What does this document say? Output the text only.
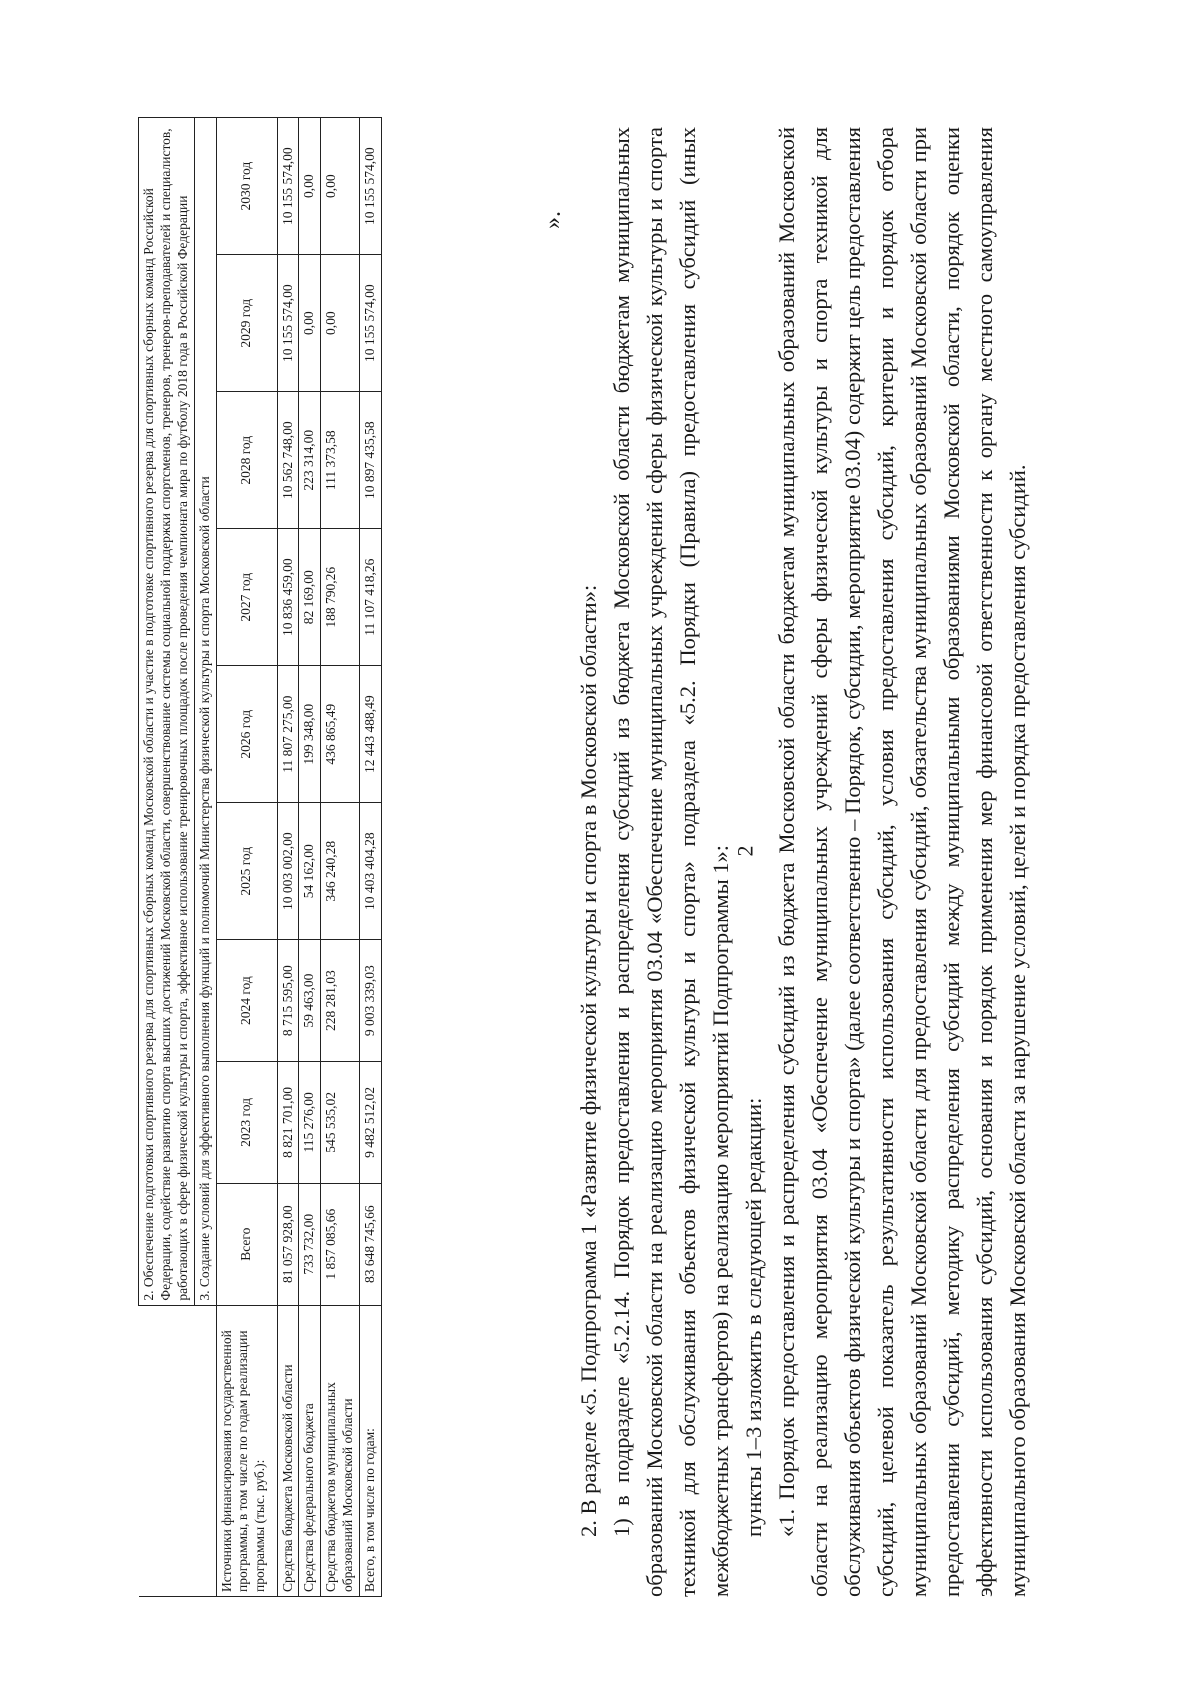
2
	2. Обеспечение подготовки спортивного резерва для спортивных сборных команд Московской области и участие в подготовке спортивного резерва для спортивных сборных команд Российской Федерации, содействие развитию спорта высших достижений Московской области, совершенствование системы социальной поддержки спортсменов, тренеров, тренеров-преподавателей и специалистов, работающих в сфере физической культуры и спорта, эффективное использование тренировочных площадок после проведения чемпионата мира по футболу 2018 года в Российской Федерации								
	3. Создание условий для эффективного выполнения функций и полномочий Министерства физической культуры и спорта Московской области								
Источники финансирования государственной программы, в том числе по годам реализации программы (тыс. руб.):	Всего	2023 год	2024 год	2025 год	2026 год	2027 год	2028 год	2029 год	2030 год
Средства бюджета Московской области	81 057 928,00	8 821 701,00	8 715 595,00	10 003 002,00	11 807 275,00	10 836 459,00	10 562 748,00	10 155 574,00	10 155 574,00
Средства федерального бюджета	733 732,00	115 276,00	59 463,00	54 162,00	199 348,00	82 169,00	223 314,00	0,00	0,00
Средства бюджетов муниципальных образований Московской области	1 857 085,66	545 535,02	228 281,03	346 240,28	436 865,49	188 790,26	111 373,58	0,00	0,00
Всего, в том числе по годам:	83 648 745,66	9 482 512,02	9 003 339,03	10 403 404,28	12 443 488,49	11 107 418,26	10 897 435,58	10 155 574,00	10 155 574,00	».

2. В разделе «5. Подпрограмма 1 «Развитие физической культуры и спорта в Московской области»: 1) в подразделе «5.2.14. Порядок предоставления и распределения субсидий из бюджета Московской области бюджетам муниципальных образований Московской области на реализацию мероприятия 03.04 «Обеспечение муниципальных учреждений сферы физической культуры и спорта техникой для обслуживания объектов физической культуры и спорта» подраздела «5.2. Порядки (Правила) предоставления субсидий (иных межбюджетных трансфертов) на реализацию мероприятий Подпрограммы 1»: пункты 1–3 изложить в следующей редакции: «1. Порядок предоставления и распределения субсидий из бюджета Московской области бюджетам муниципальных образований Московской области на реализацию мероприятия 03.04 «Обеспечение муниципальных учреждений сферы физической культуры и спорта техникой для обслуживания объектов физической культуры и спорта» (далее соответственно – Порядок, субсидии, мероприятие 03.04) содержит цель предоставления субсидий, целевой показатель результативности использования субсидий, условия предоставления субсидий, критерии и порядок отбора муниципальных образований Московской области для предоставления субсидий, обязательства муниципальных образований Московской области при предоставлении субсидий, методику распределения субсидий между муниципальными образованиями Московской области, порядок оценки эффективности использования субсидий, основания и порядок применения мер финансовой ответственности к органу местного самоуправления муниципального образования Московской области за нарушение условий, целей и порядка предоставления субсидий.
